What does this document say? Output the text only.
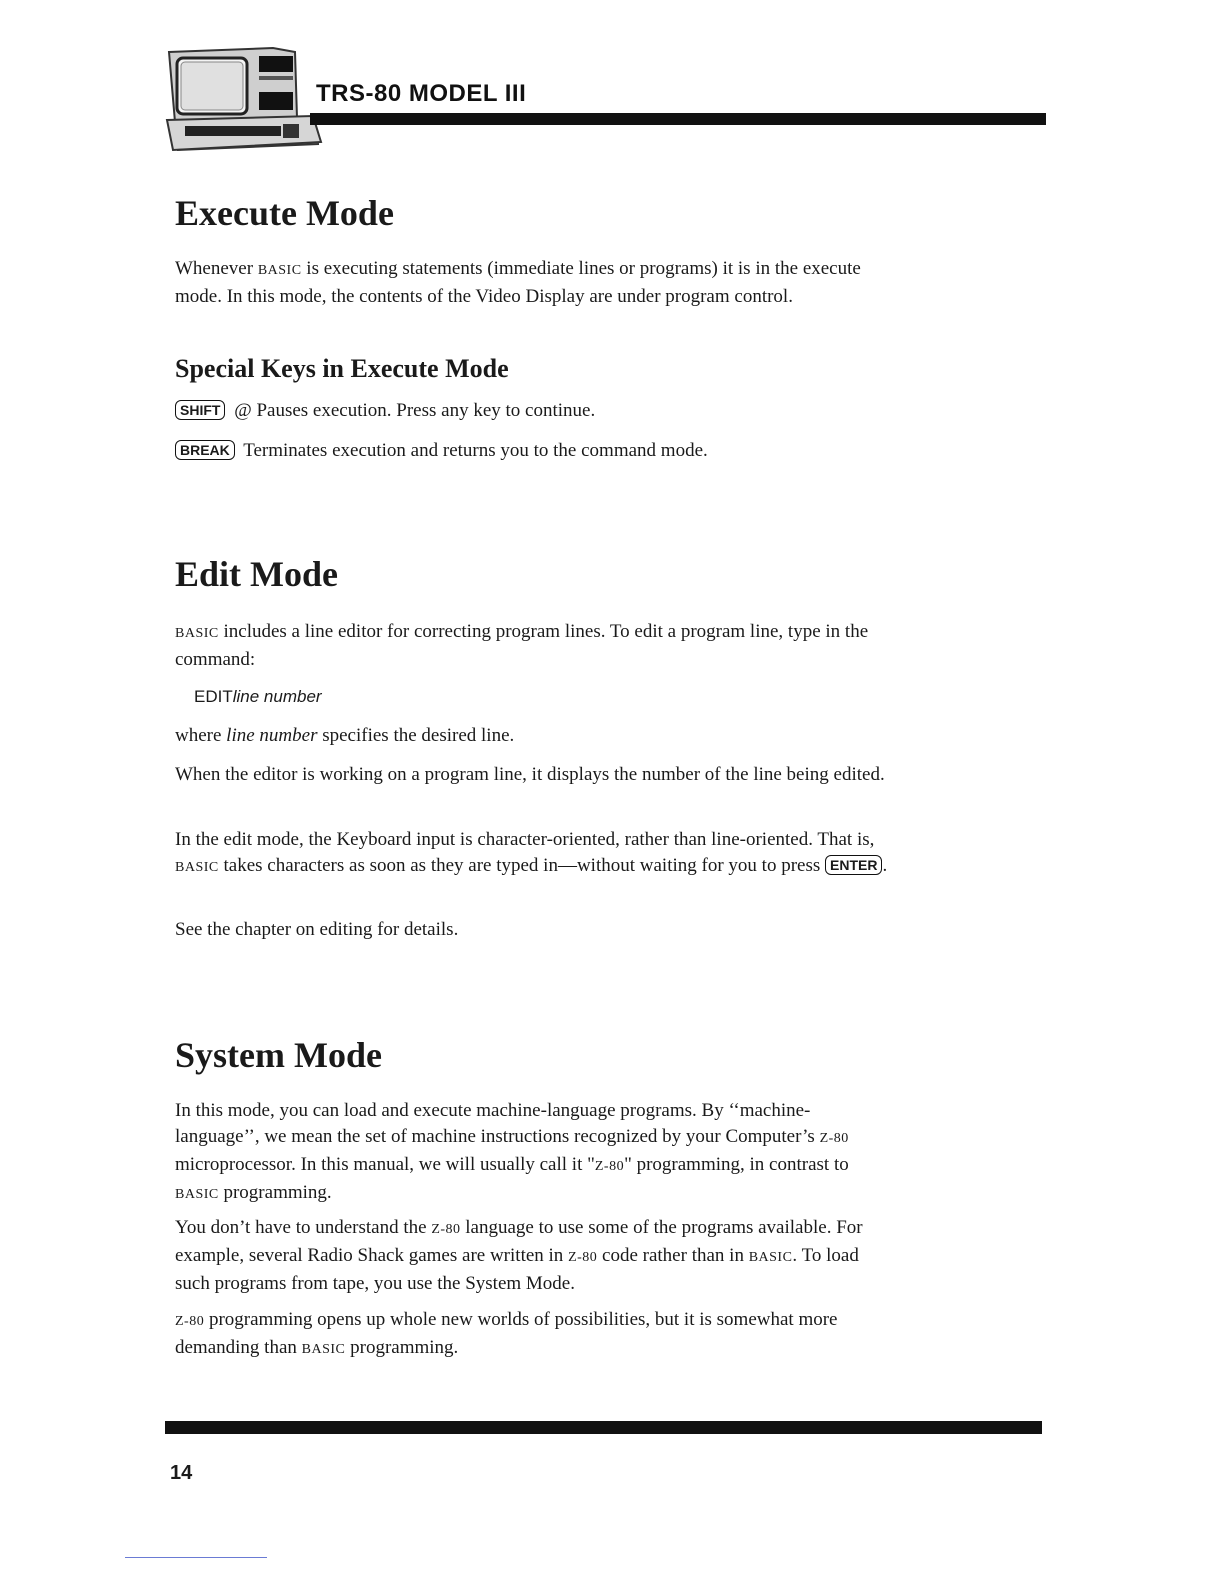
TRS-80 MODEL III
Execute Mode

Whenever BASIC is executing statements (immediate lines or programs) it is in the execute mode. In this mode, the contents of the Video Display are under program control.

Special Keys in Execute Mode

SHIFT @ Pauses execution. Press any key to continue.

BREAK Terminates execution and returns you to the command mode.

Edit Mode

BASIC includes a line editor for correcting program lines. To edit a program line, type in the command:

EDITline number

where line number specifies the desired line.

When the editor is working on a program line, it displays the number of the line being edited.

In the edit mode, the Keyboard input is character-oriented, rather than line-oriented. That is, BASIC takes characters as soon as they are typed in—without waiting for you to press ENTER .

See the chapter on editing for details.

System Mode

In this mode, you can load and execute machine-language programs. By ‘‘machine-language’’, we mean the set of machine instructions recognized by your Computer’s Z-80 microprocessor. In this manual, we will usually call it "Z-80" programming, in contrast to BASIC programming.

You don’t have to understand the Z-80 language to use some of the programs available. For example, several Radio Shack games are written in Z-80 code rather than in BASIC. To load such programs from tape, you use the System Mode.

Z-80 programming opens up whole new worlds of possibilities, but it is somewhat more demanding than BASIC programming.

14
